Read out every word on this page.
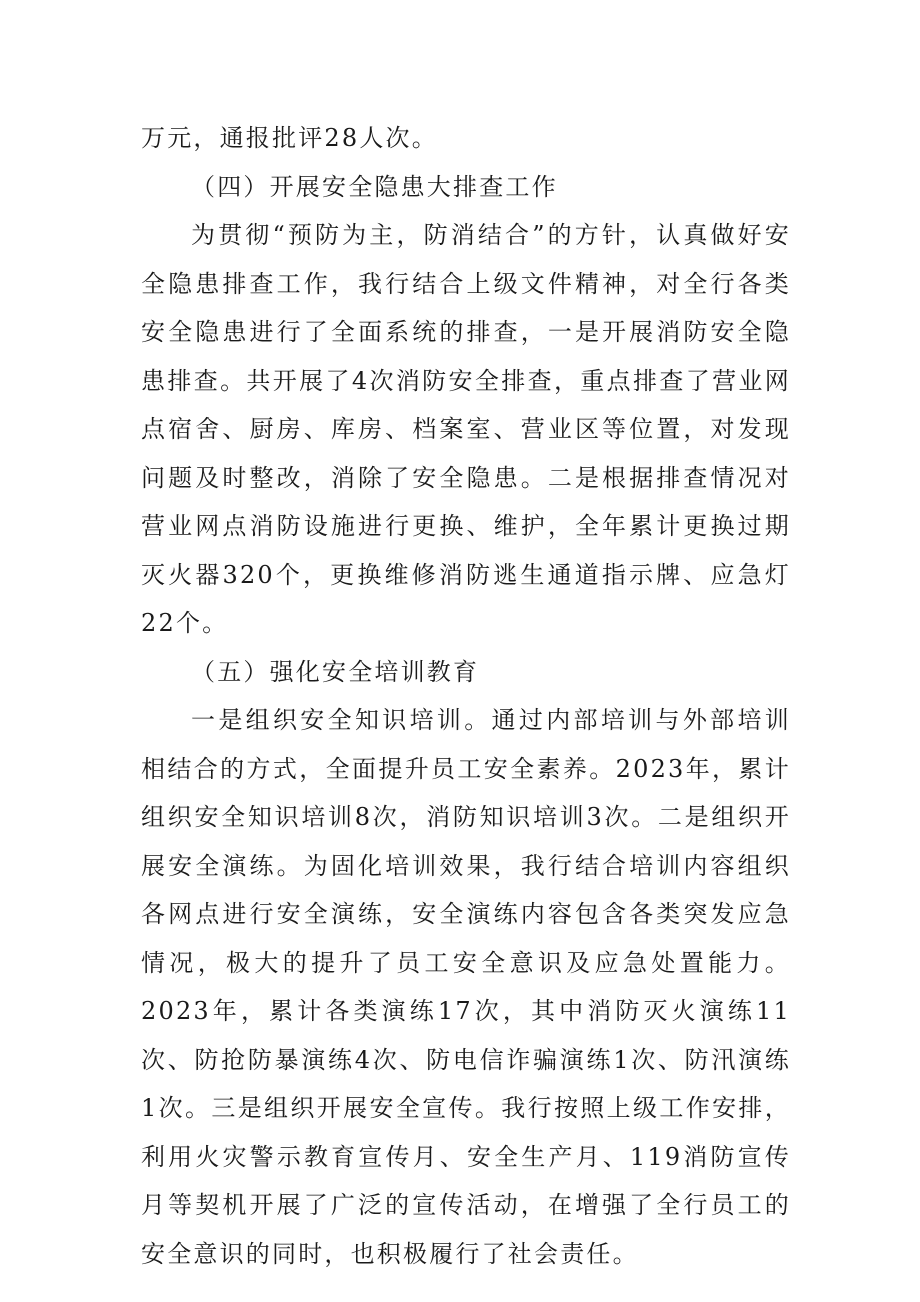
万元，通报批评28人次。

（四）开展安全隐患大排查工作

为贯彻“预防为主，防消结合”的方针，认真做好安全隐患排查工作，我行结合上级文件精神，对全行各类安全隐患进行了全面系统的排查，一是开展消防安全隐患排查。共开展了4次消防安全排查，重点排查了营业网点宿舍、厨房、库房、档案室、营业区等位置，对发现问题及时整改，消除了安全隐患。二是根据排查情况对营业网点消防设施进行更换、维护，全年累计更换过期灭火器320个，更换维修消防逃生通道指示牌、应急灯22个。

（五）强化安全培训教育

一是组织安全知识培训。通过内部培训与外部培训相结合的方式，全面提升员工安全素养。2023年，累计组织安全知识培训8次，消防知识培训3次。二是组织开展安全演练。为固化培训效果，我行结合培训内容组织各网点进行安全演练，安全演练内容包含各类突发应急情况，极大的提升了员工安全意识及应急处置能力。2023年，累计各类演练17次，其中消防灭火演练11次、防抢防暴演练4次、防电信诈骗演练1次、防汛演练1次。三是组织开展安全宣传。我行按照上级工作安排，利用火灾警示教育宣传月、安全生产月、119消防宣传月等契机开展了广泛的宣传活动，在增强了全行员工的安全意识的同时，也积极履行了社会责任。
